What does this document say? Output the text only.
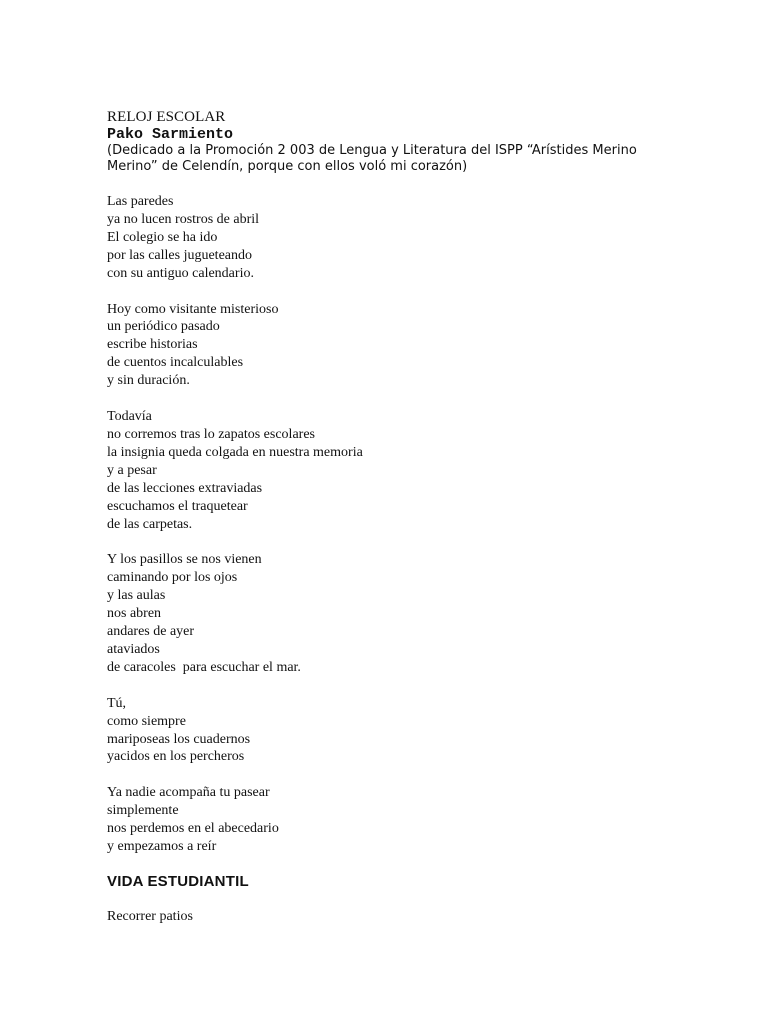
RELOJ ESCOLAR

Pako Sarmiento

(Dedicado a la Promoción 2 003 de Lengua y Literatura del ISPP “Arístides Merino Merino” de Celendín, porque con ellos voló mi corazón)

Las paredes
ya no lucen rostros de abril
El colegio se ha ido
por las calles jugueteando
con su antiguo calendario.
Hoy como visitante misterioso
un periódico pasado
escribe historias
de cuentos incalculables
y sin duración.
Todavía
no corremos tras lo zapatos escolares
la insignia queda colgada en nuestra memoria
y a pesar
de las lecciones extraviadas
escuchamos el traquetear
de las carpetas.
Y los pasillos se nos vienen
caminando por los ojos
y las aulas
nos abren
andares de ayer
ataviados
de caracoles  para escuchar el mar.
Tú,
como siempre
mariposeas los cuadernos
yacidos en los percheros
Ya nadie acompaña tu pasear
simplemente
nos perdemos en el abecedario
y empezamos a reír
VIDA ESTUDIANTIL
Recorrer patios
